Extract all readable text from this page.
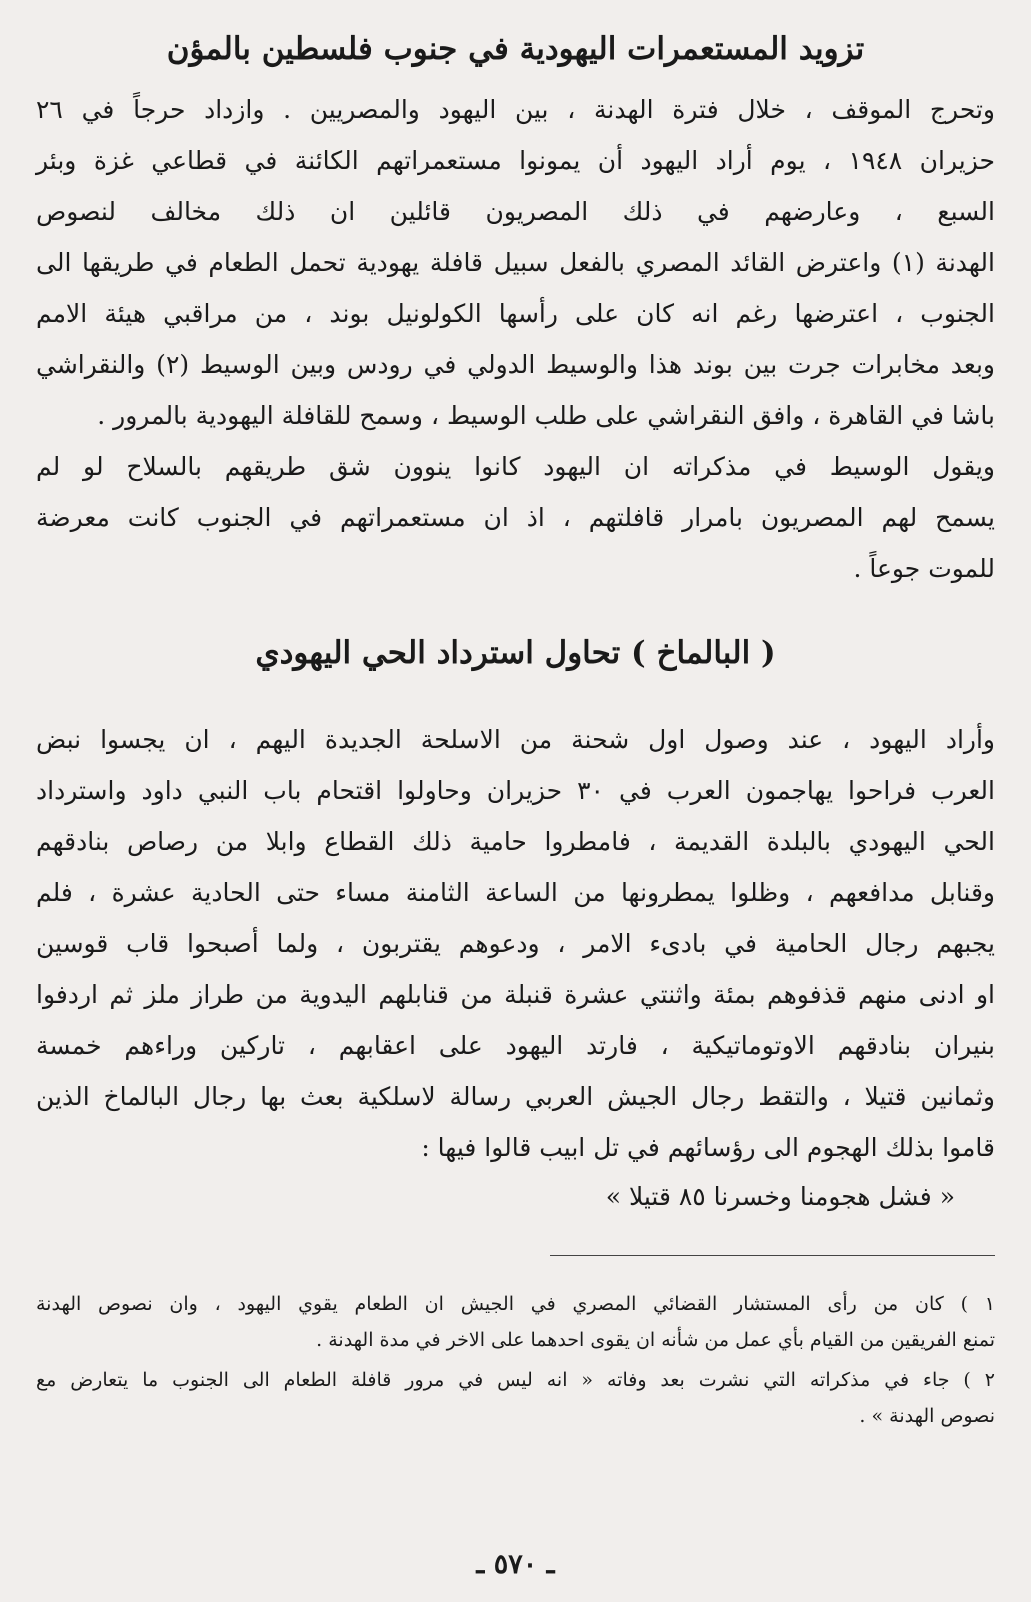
تزويد المستعمرات اليهودية في جنوب فلسطين بالمؤن

وتحرج الموقف ، خلال فترة الهدنة ، بين اليهود والمصريين . وازداد حرجاً في ٢٦
حزيران ١٩٤٨ ، يوم أراد اليهود أن يمونوا مستعمراتهم الكائنة في قطاعي غزة وبئر
السبع ، وعارضهم في ذلك المصريون قائلين ان ذلك مخالف لنصوص
الهدنة (١) واعترض القائد المصري بالفعل سبيل قافلة يهودية تحمل الطعام في طريقها الى
الجنوب ، اعترضها رغم انه كان على رأسها الكولونيل بوند ، من مراقبي هيئة الامم
وبعد مخابرات جرت بين بوند هذا والوسيط الدولي في رودس وبين الوسيط (٢) والنقراشي
باشا في القاهرة ، وافق النقراشي على طلب الوسيط ، وسمح للقافلة اليهودية بالمرور .
ويقول الوسيط في مذكراته ان اليهود كانوا ينوون شق طريقهم بالسلاح لو لم
يسمح لهم المصريون بامرار قافلتهم ، اذ ان مستعمراتهم في الجنوب كانت معرضة
للموت جوعاً .

( البالماخ ) تحاول استرداد الحي اليهودي

وأراد اليهود ، عند وصول اول شحنة من الاسلحة الجديدة اليهم ، ان يجسوا نبض
العرب فراحوا يهاجمون العرب في ٣٠ حزيران وحاولوا اقتحام باب النبي داود واسترداد
الحي اليهودي بالبلدة القديمة ، فامطروا حامية ذلك القطاع وابلا من رصاص بنادقهم
وقنابل مدافعهم ، وظلوا يمطرونها من الساعة الثامنة مساء حتى الحادية عشرة ، فلم
يجبهم رجال الحامية في بادىء الامر ، ودعوهم يقتربون ، ولما أصبحوا قاب قوسين
او ادنى منهم قذفوهم بمئة واثنتي عشرة قنبلة من قنابلهم اليدوية من طراز ملز ثم اردفوا
بنيران بنادقهم الاوتوماتيكية ، فارتد اليهود على اعقابهم ، تاركين وراءهم خمسة
وثمانين قتيلا ، والتقط رجال الجيش العربي رسالة لاسلكية بعث بها رجال البالماخ الذين
قاموا بذلك الهجوم الى رؤسائهم في تل ابيب قالوا فيها :

« فشل هجومنا وخسرنا ٨٥ قتيلا »
١ ) كان من رأى المستشار القضائي المصري في الجيش ان الطعام يقوي اليهود ، وان نصوص الهدنة
تمنع الفريقين من القيام بأي عمل من شأنه ان يقوى احدهما على الاخر في مدة الهدنة .
٢ ) جاء في مذكراته التي نشرت بعد وفاته « انه ليس في مرور قافلة الطعام الى الجنوب ما يتعارض مع
نصوص الهدنة » .
ـ ٥٧٠ ـ
